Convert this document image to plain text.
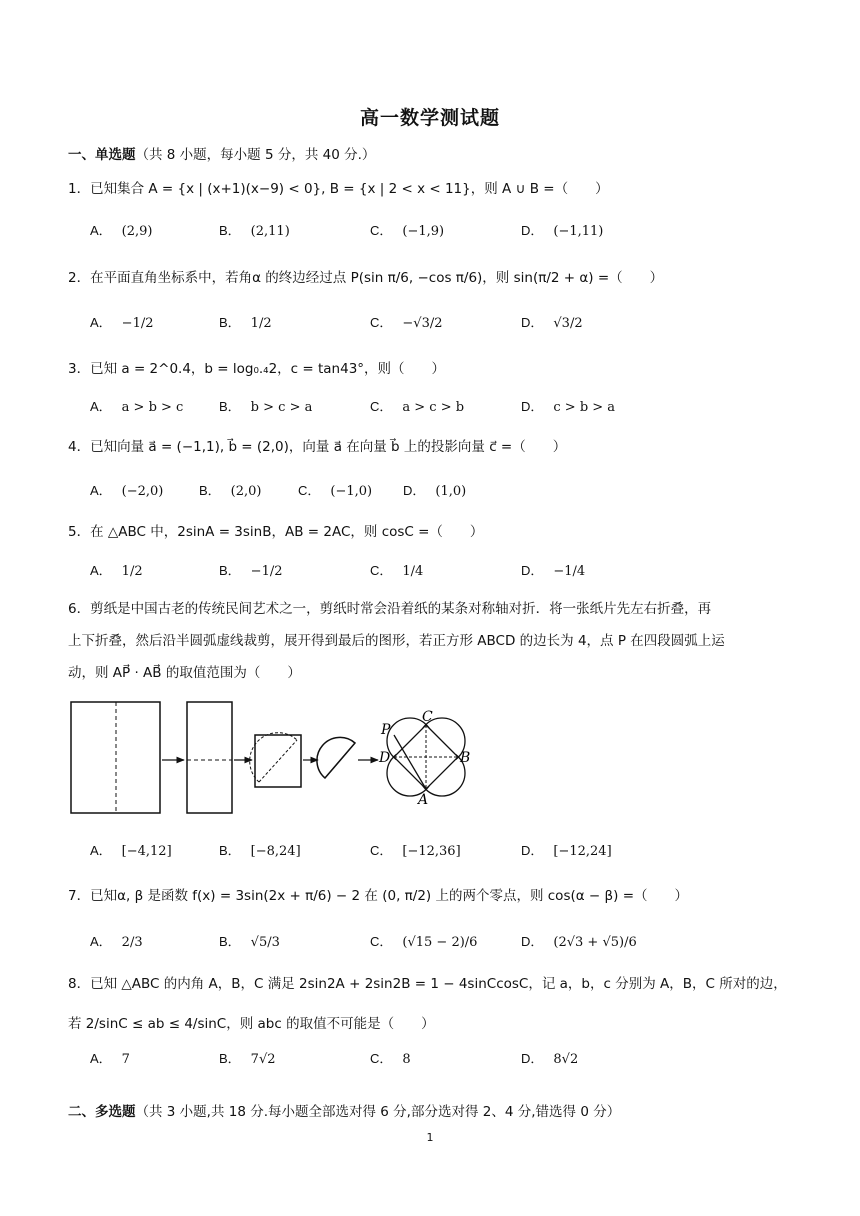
高一数学测试题
一、单选题（共 8 小题，每小题 5 分，共 40 分.）
1．已知集合 A = {x | (x+1)(x−9) < 0}, B = {x | 2 < x < 11}，则 A ∪ B =（　　）
A． (2,9)	B． (2,11)	C． (−1,9)	D． (−1,11)
2．在平面直角坐标系中，若角α 的终边经过点 P(sin π/6, −cos π/6)，则 sin(π/2 + α) =（　　）
A． −1/2	B． 1/2	C． −√3/2	D． √3/2
3．已知 a = 2^0.4，b = log₀.₄2，c = tan43°，则（　　）
A． a > b > c	B． b > c > a	C． a > c > b	D． c > b > a
4．已知向量 a⃗ = (−1,1), b⃗ = (2,0)，向量 a⃗ 在向量 b⃗ 上的投影向量 c⃗ =（　　）
A． (−2,0)	B． (2,0)	C． (−1,0) D． (1,0)
5．在 △ABC 中，2sinA = 3sinB，AB = 2AC，则 cosC =（　　）
A． 1/2	B． −1/2	C． 1/4	D． −1/4
6．剪纸是中国古老的传统民间艺术之一，剪纸时常会沿着纸的某条对称轴对折．将一张纸片先左右折叠，再
上下折叠，然后沿半圆弧虚线裁剪，展开得到最后的图形，若正方形 ABCD 的边长为 4，点 P 在四段圆弧上运
动，则 AP⃗ · AB⃗ 的取值范围为（　　）
C
P
D	B
A
A． [−4,12]	B． [−8,24]	C． [−12,36]	D． [−12,24]
7．已知α, β 是函数 f(x) = 3sin(2x + π/6) − 2 在 (0, π/2) 上的两个零点，则 cos(α − β) =（　　）
A． 2/3	B． √5/3	C． (√15 − 2)/6	D． (2√3 + √5)/6
8．已知 △ABC 的内角 A，B，C 满足 2sin2A + 2sin2B = 1 − 4sinCcosC，记 a，b，c 分别为 A，B，C 所对的边，
若 2/sinC ≤ ab ≤ 4/sinC，则 abc 的取值不可能是（　　）
A． 7	B． 7√2	C． 8	D． 8√2
二、多选题（共 3 小题,共 18 分.每小题全部选对得 6 分,部分选对得 2、4 分,错选得 0 分）
1
